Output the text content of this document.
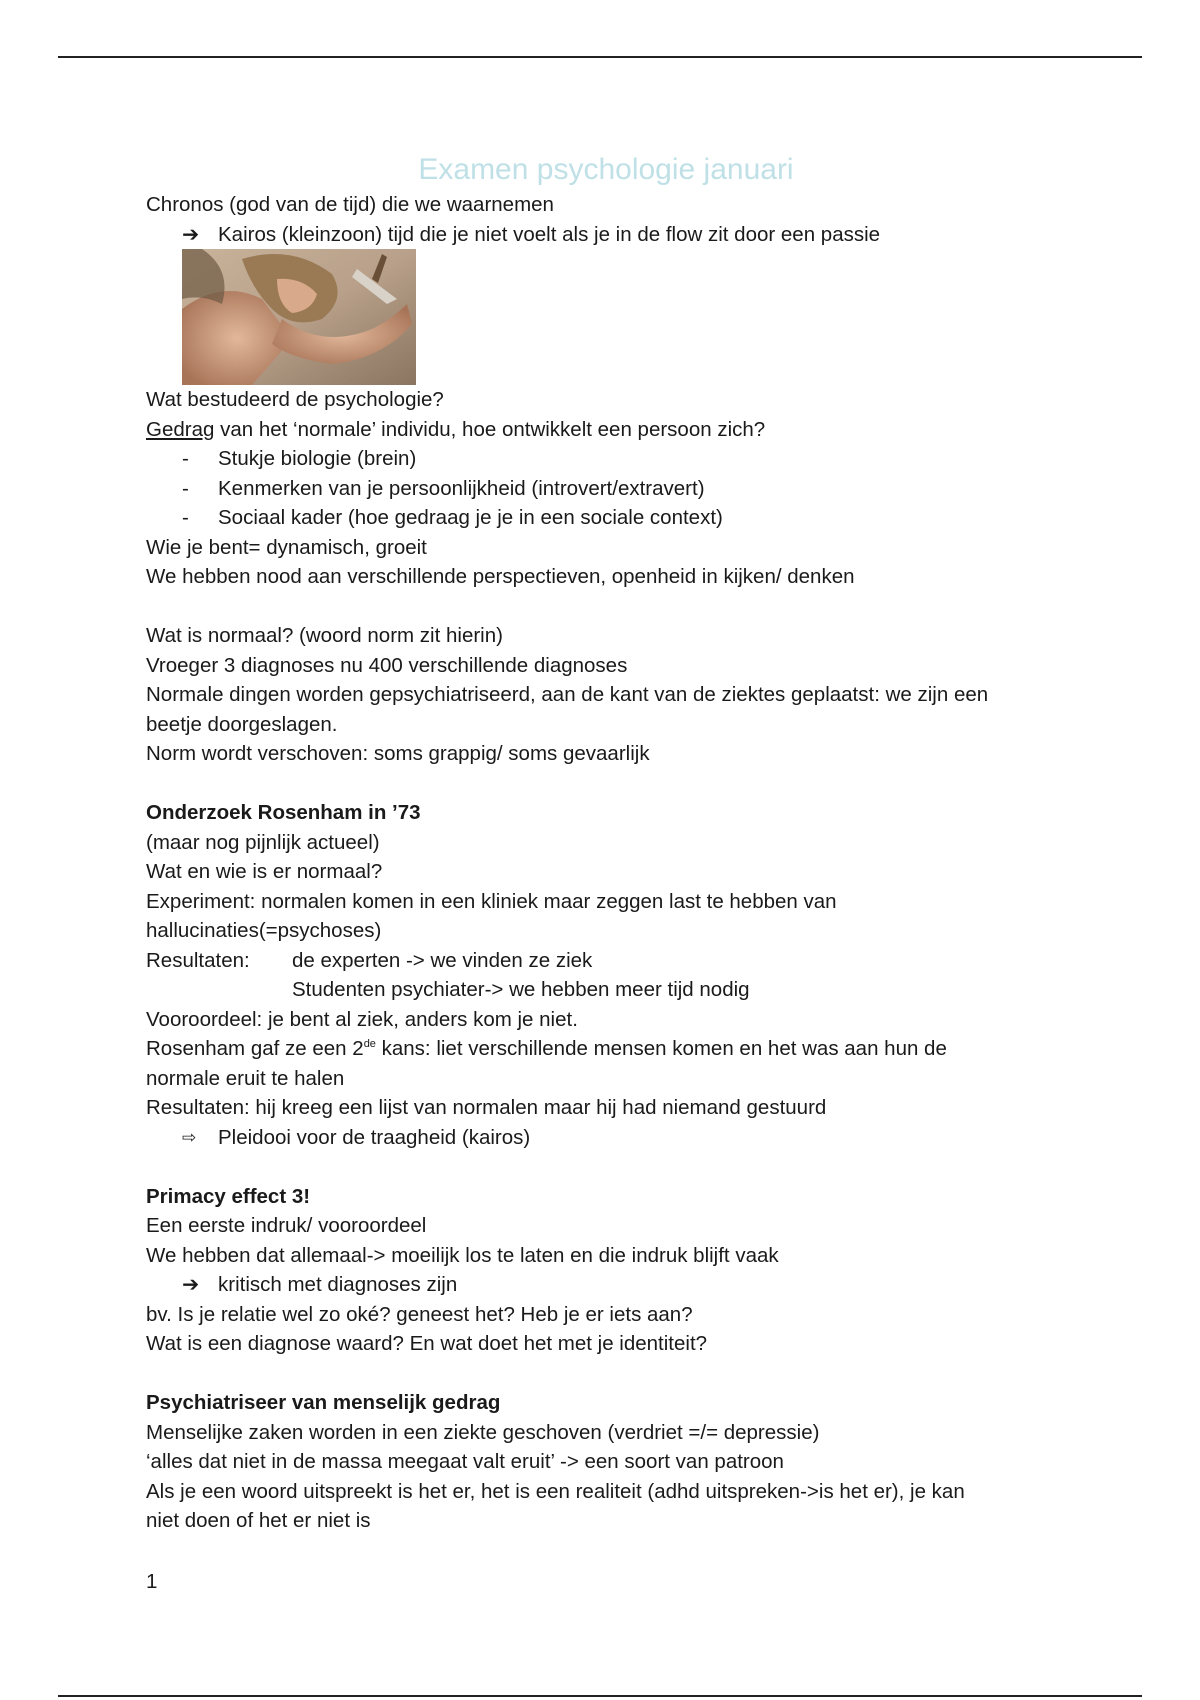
Examen psychologie januari
Chronos (god van de tijd) die we waarnemen
➔ Kairos (kleinzoon) tijd die je niet voelt als je in de flow zit door een passie
Wat bestudeerd de psychologie?
Gedrag van het ‘normale’ individu, hoe ontwikkelt een persoon zich?
-	Stukje biologie (brein)
-	Kenmerken van je persoonlijkheid (introvert/extravert)
-	Sociaal kader (hoe gedraag je je in een sociale context)
Wie je bent= dynamisch, groeit
We hebben nood aan verschillende perspectieven, openheid in kijken/ denken
Wat is normaal? (woord norm zit hierin)
Vroeger 3 diagnoses nu 400 verschillende diagnoses
Normale dingen worden gepsychiatriseerd, aan de kant van de ziektes geplaatst: we zijn een
beetje doorgeslagen.
Norm wordt verschoven: soms grappig/ soms gevaarlijk
Onderzoek Rosenham in ’73
(maar nog pijnlijk actueel)
Wat en wie is er normaal?
Experiment: normalen komen in een kliniek maar zeggen last te hebben van
hallucinaties(=psychoses)
Resultaten:	de experten -> we vinden ze ziek
Studenten psychiater-> we hebben meer tijd nodig
Vooroordeel: je bent al ziek, anders kom je niet.
Rosenham gaf ze een 2de kans: liet verschillende mensen komen en het was aan hun de
normale eruit te halen
Resultaten: hij kreeg een lijst van normalen maar hij had niemand gestuurd
⇨	Pleidooi voor de traagheid (kairos)
Primacy effect 3!
Een eerste indruk/ vooroordeel
We hebben dat allemaal-> moeilijk los te laten en die indruk blijft vaak
➔ kritisch met diagnoses zijn
bv. Is je relatie wel zo oké? geneest het? Heb je er iets aan?
Wat is een diagnose waard? En wat doet het met je identiteit?
Psychiatriseer van menselijk gedrag
Menselijke zaken worden in een ziekte geschoven (verdriet =/= depressie)
‘alles dat niet in de massa meegaat valt eruit’ -> een soort van patroon
Als je een woord uitspreekt is het er, het is een realiteit (adhd uitspreken->is het er), je kan
niet doen of het er niet is
1
